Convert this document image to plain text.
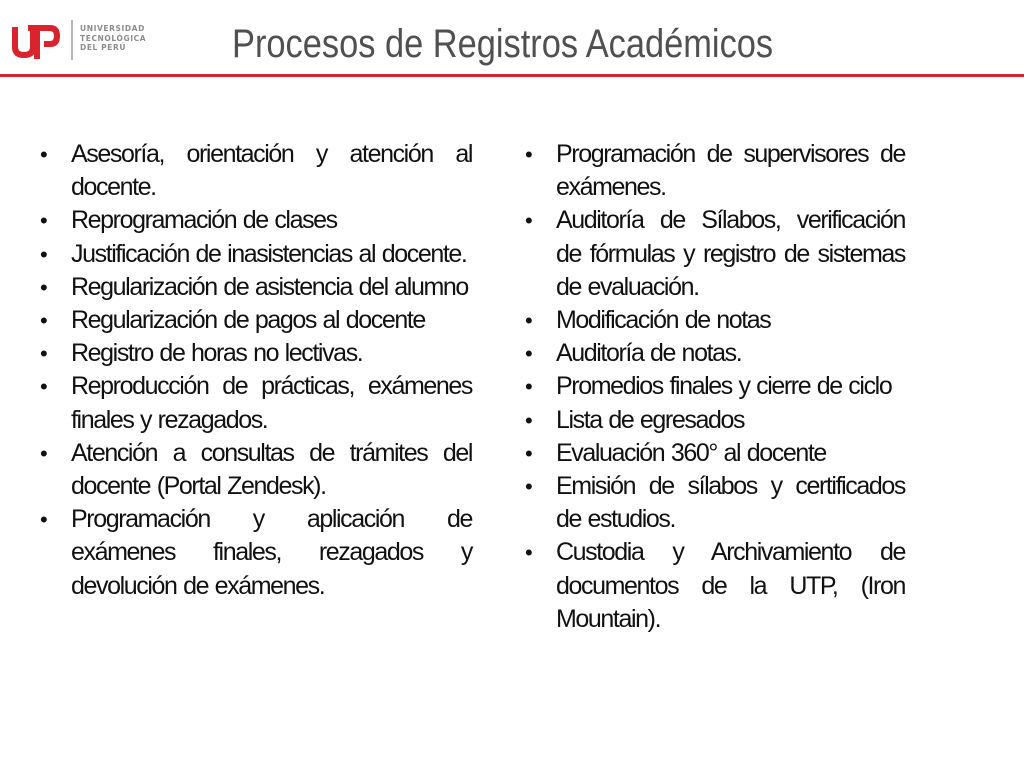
UNIVERSIDAD
TECNOLÓGICA
DEL PERÚ	Procesos de Registros Académicos
• Asesoría, orientación y atención al docente.
• Reprogramación de clases
• Justificación de inasistencias al docente.
• Regularización de asistencia del alumno
• Regularización de pagos al docente
• Registro de horas no lectivas.
• Reproducción de prácticas, exámenes finales y rezagados.
• Atención a consultas de trámites del docente (Portal Zendesk).
• Programación y aplicación de exámenes finales, rezagados y devolución de exámenes.
• Programación de supervisores de exámenes.
• Auditoría de Sílabos, verificación de fórmulas y registro de sistemas de evaluación.
• Modificación de notas
• Auditoría de notas.
• Promedios finales y cierre de ciclo
• Lista de egresados
• Evaluación 360° al docente
• Emisión de sílabos y certificados de estudios.
• Custodia y Archivamiento de documentos de la UTP, (Iron Mountain).
